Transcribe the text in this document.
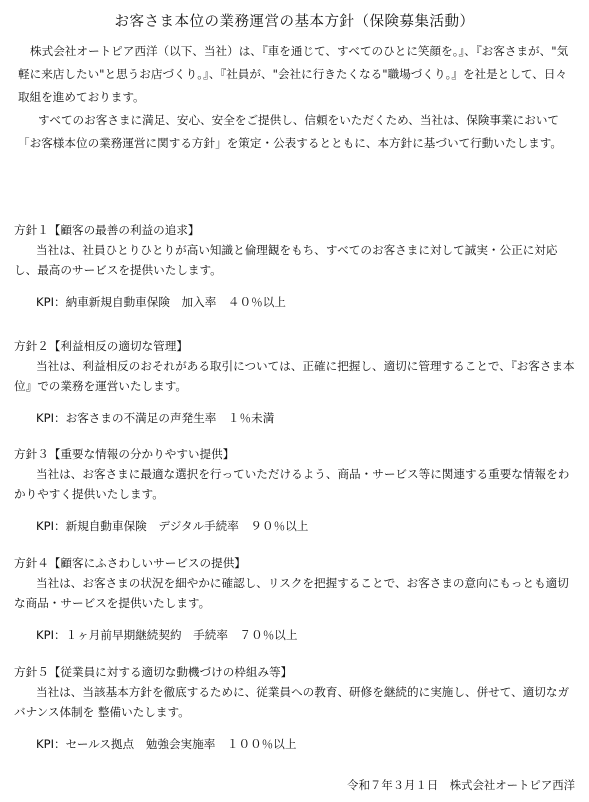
お客さま本位の業務運営の基本方針（保険募集活動）

株式会社オートピア西洋（以下、当社）は、『車を通じて、すべてのひとに笑顔を。』、『お客さまが、"気軽に来店したい"と思うお店づくり。』、『社員が、"会社に行きたくなる"職場づくり。』を社是として、日々取組を進めております。

すべてのお客さまに満足、安心、安全をご提供し、信頼をいただくため、当社は、保険事業において「お客様本位の業務運営に関する方針」を策定・公表するとともに、本方針に基づいて行動いたします。

方針１【顧客の最善の利益の追求】
当社は、社員ひとりひとりが高い知識と倫理観をもち、すべてのお客さまに対して誠実・公正に対応し、最高のサービスを提供いたします。
KPI：納車新規自動車保険　加入率　４０％以上
方針２【利益相反の適切な管理】
当社は、利益相反のおそれがある取引については、正確に把握し、適切に管理することで、『お客さま本位』での業務を運営いたします。
KPI：お客さまの不満足の声発生率　１％未満
方針３【重要な情報の分かりやすい提供】
当社は、お客さまに最適な選択を行っていただけるよう、商品・サービス等に関連する重要な情報をわかりやすく提供いたします。
KPI：新規自動車保険　デジタル手続率　９０％以上
方針４【顧客にふさわしいサービスの提供】
当社は、お客さまの状況を細やかに確認し、リスクを把握することで、お客さまの意向にもっとも適切な商品・サービスを提供いたします。
KPI：１ヶ月前早期継続契約　手続率　７０％以上
方針５【従業員に対する適切な動機づけの枠組み等】
当社は、当該基本方針を徹底するために、従業員への教育、研修を継続的に実施し、併せて、適切なガバナンス体制を 整備いたします。
KPI：セールス拠点　勉強会実施率　１００％以上
令和７年３月１日　株式会社オートピア西洋
